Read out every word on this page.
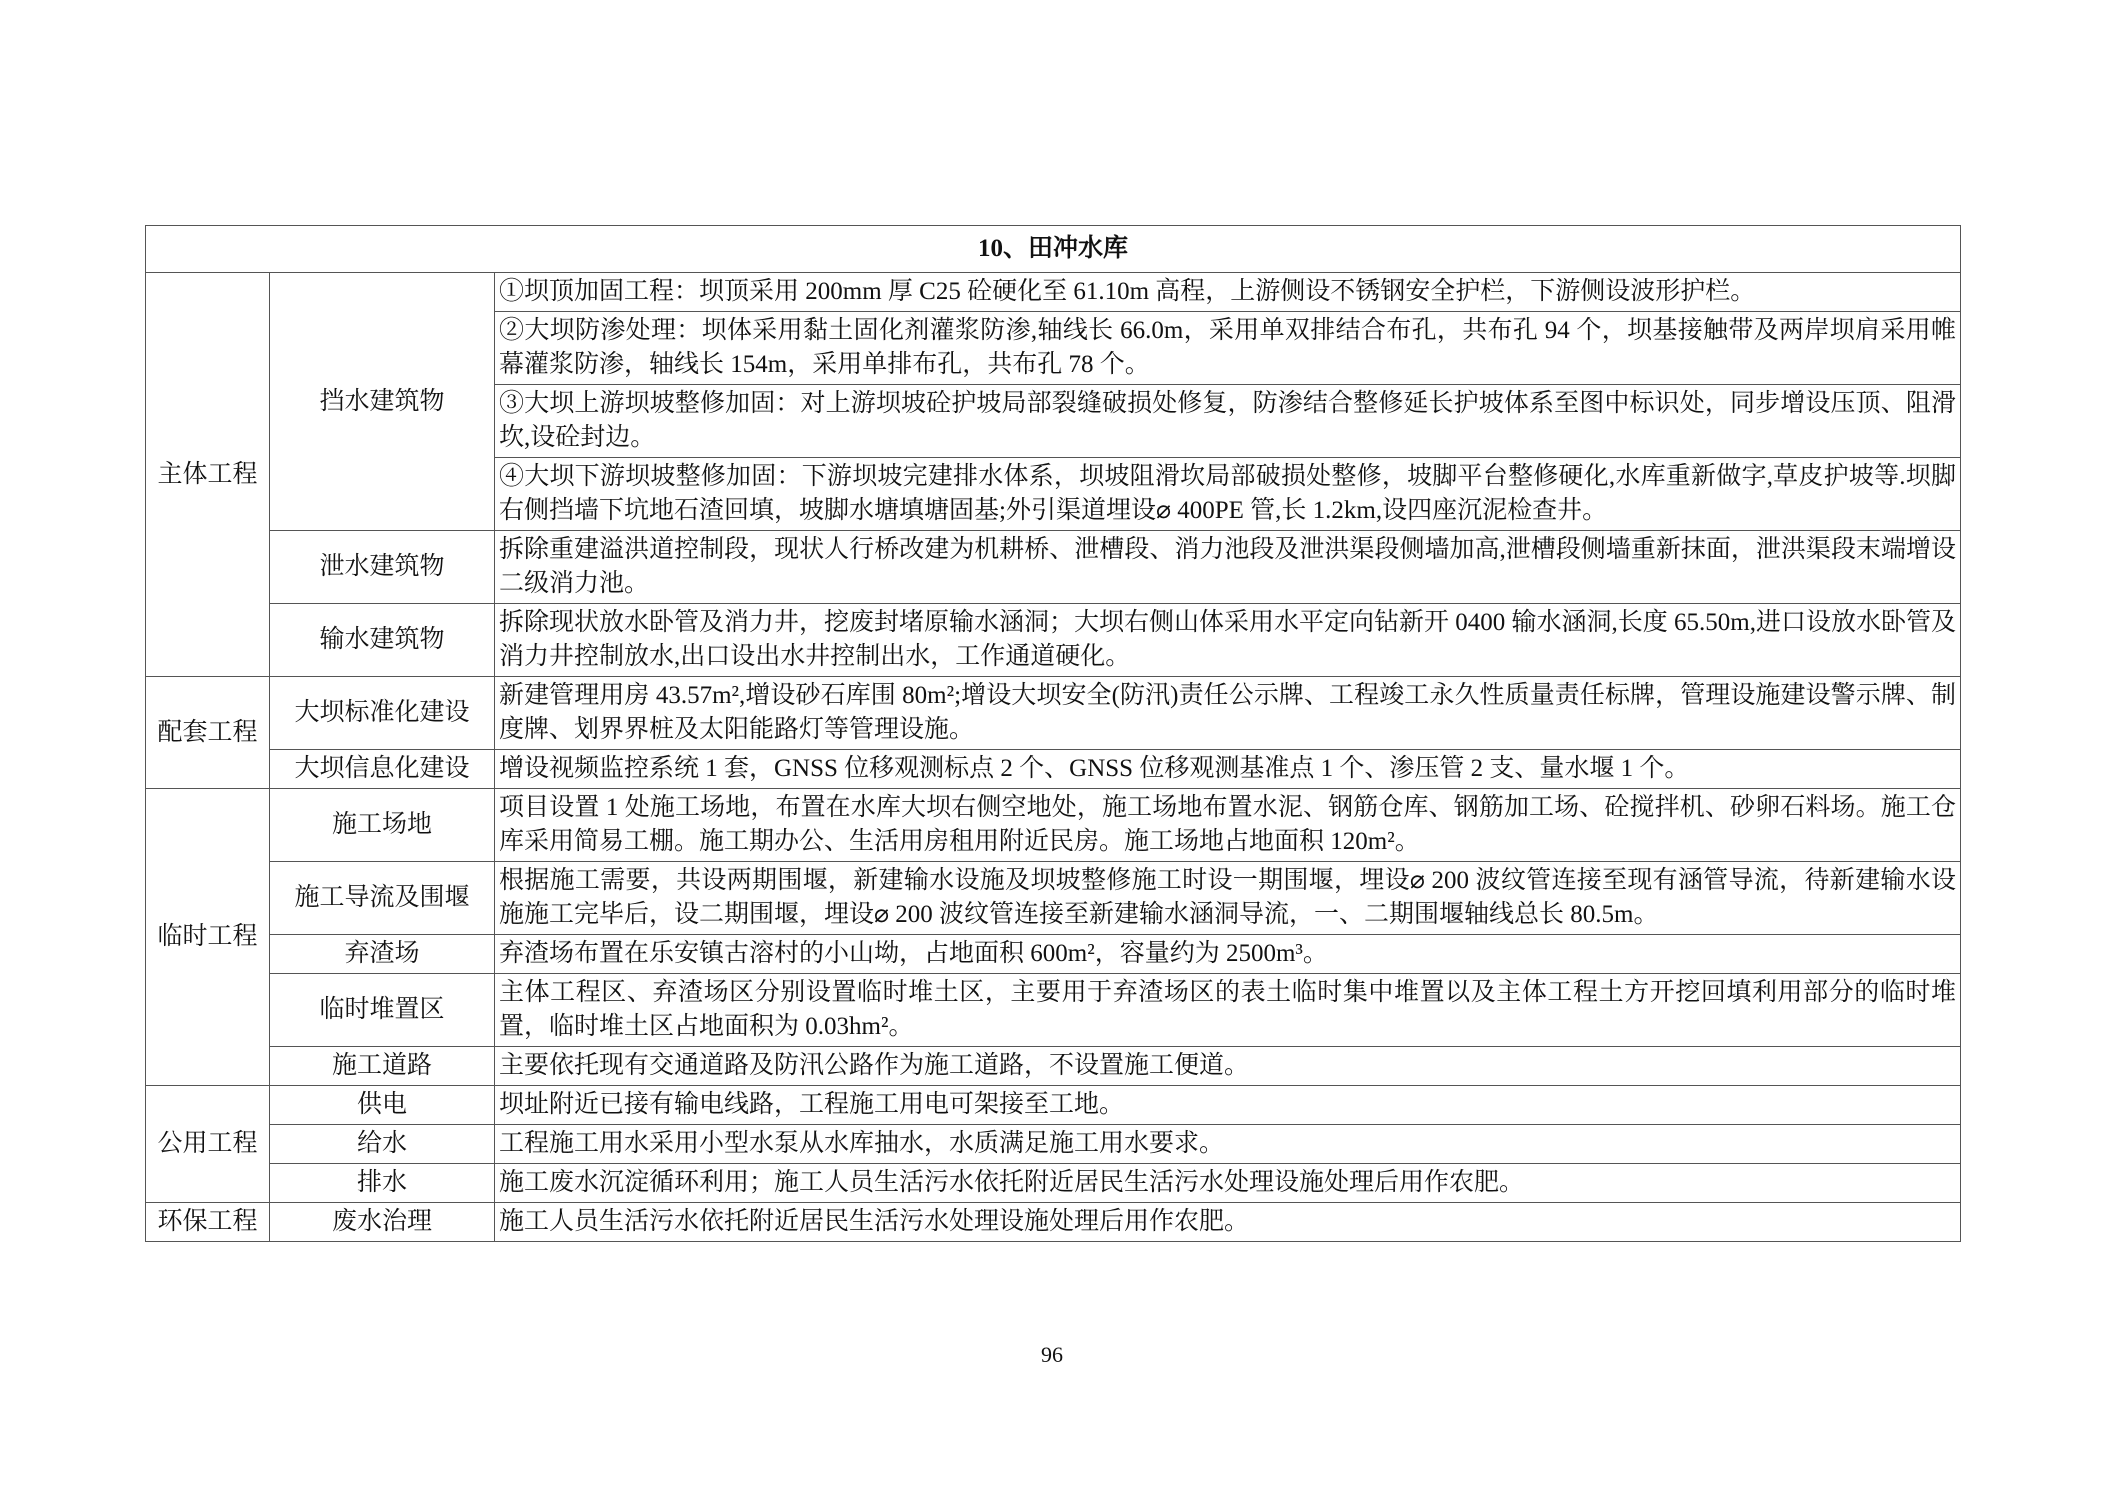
10、田冲水库		
主体工程	挡水建筑物	①坝顶加固工程：坝顶采用 200mm 厚 C25 砼硬化至 61.10m 高程，上游侧设不锈钢安全护栏，下游侧设波形护栏。
		②大坝防渗处理：坝体采用黏土固化剂灌浆防渗,轴线长 66.0m，采用单双排结合布孔，共布孔 94 个，坝基接触带及两岸坝肩采用帷幕灌浆防渗，轴线长 154m，采用单排布孔，共布孔 78 个。
		③大坝上游坝坡整修加固：对上游坝坡砼护坡局部裂缝破损处修复，防渗结合整修延长护坡体系至图中标识处，同步增设压顶、阻滑坎,设砼封边。
		④大坝下游坝坡整修加固：下游坝坡完建排水体系，坝坡阻滑坎局部破损处整修，坡脚平台整修硬化,水库重新做字,草皮护坡等.坝脚右侧挡墙下坑地石渣回填，坡脚水塘填塘固基;外引渠道埋设⌀ 400PE 管,长 1.2km,设四座沉泥检查井。
	泄水建筑物	拆除重建溢洪道控制段，现状人行桥改建为机耕桥、泄槽段、消力池段及泄洪渠段侧墙加高,泄槽段侧墙重新抹面，泄洪渠段末端增设二级消力池。
	输水建筑物	拆除现状放水卧管及消力井，挖废封堵原输水涵洞；大坝右侧山体采用水平定向钻新开 0400 输水涵洞,长度 65.50m,进口设放水卧管及消力井控制放水,出口设出水井控制出水，工作通道硬化。
配套工程	大坝标准化建设	新建管理用房 43.57m²,增设砂石库围 80m²;增设大坝安全(防汛)责任公示牌、工程竣工永久性质量责任标牌，管理设施建设警示牌、制度牌、划界界桩及太阳能路灯等管理设施。
	大坝信息化建设	增设视频监控系统 1 套，GNSS 位移观测标点 2 个、GNSS 位移观测基准点 1 个、渗压管 2 支、量水堰 1 个。
临时工程	施工场地	项目设置 1 处施工场地，布置在水库大坝右侧空地处，施工场地布置水泥、钢筋仓库、钢筋加工场、砼搅拌机、砂卵石料场。施工仓库采用简易工棚。施工期办公、生活用房租用附近民房。施工场地占地面积 120m²。
	施工导流及围堰	根据施工需要，共设两期围堰，新建输水设施及坝坡整修施工时设一期围堰，埋设⌀ 200 波纹管连接至现有涵管导流，待新建输水设施施工完毕后，设二期围堰，埋设⌀ 200 波纹管连接至新建输水涵洞导流，一、二期围堰轴线总长 80.5m。
	弃渣场	弃渣场布置在乐安镇古溶村的小山坳，占地面积 600m²，容量约为 2500m³。
	临时堆置区	主体工程区、弃渣场区分别设置临时堆土区，主要用于弃渣场区的表土临时集中堆置以及主体工程土方开挖回填利用部分的临时堆置，临时堆土区占地面积为 0.03hm²。
	施工道路	主要依托现有交通道路及防汛公路作为施工道路，不设置施工便道。
公用工程	供电	坝址附近已接有输电线路，工程施工用电可架接至工地。
	给水	工程施工用水采用小型水泵从水库抽水，水质满足施工用水要求。
	排水	施工废水沉淀循环利用；施工人员生活污水依托附近居民生活污水处理设施处理后用作农肥。
环保工程	废水治理	施工人员生活污水依托附近居民生活污水处理设施处理后用作农肥。
96
